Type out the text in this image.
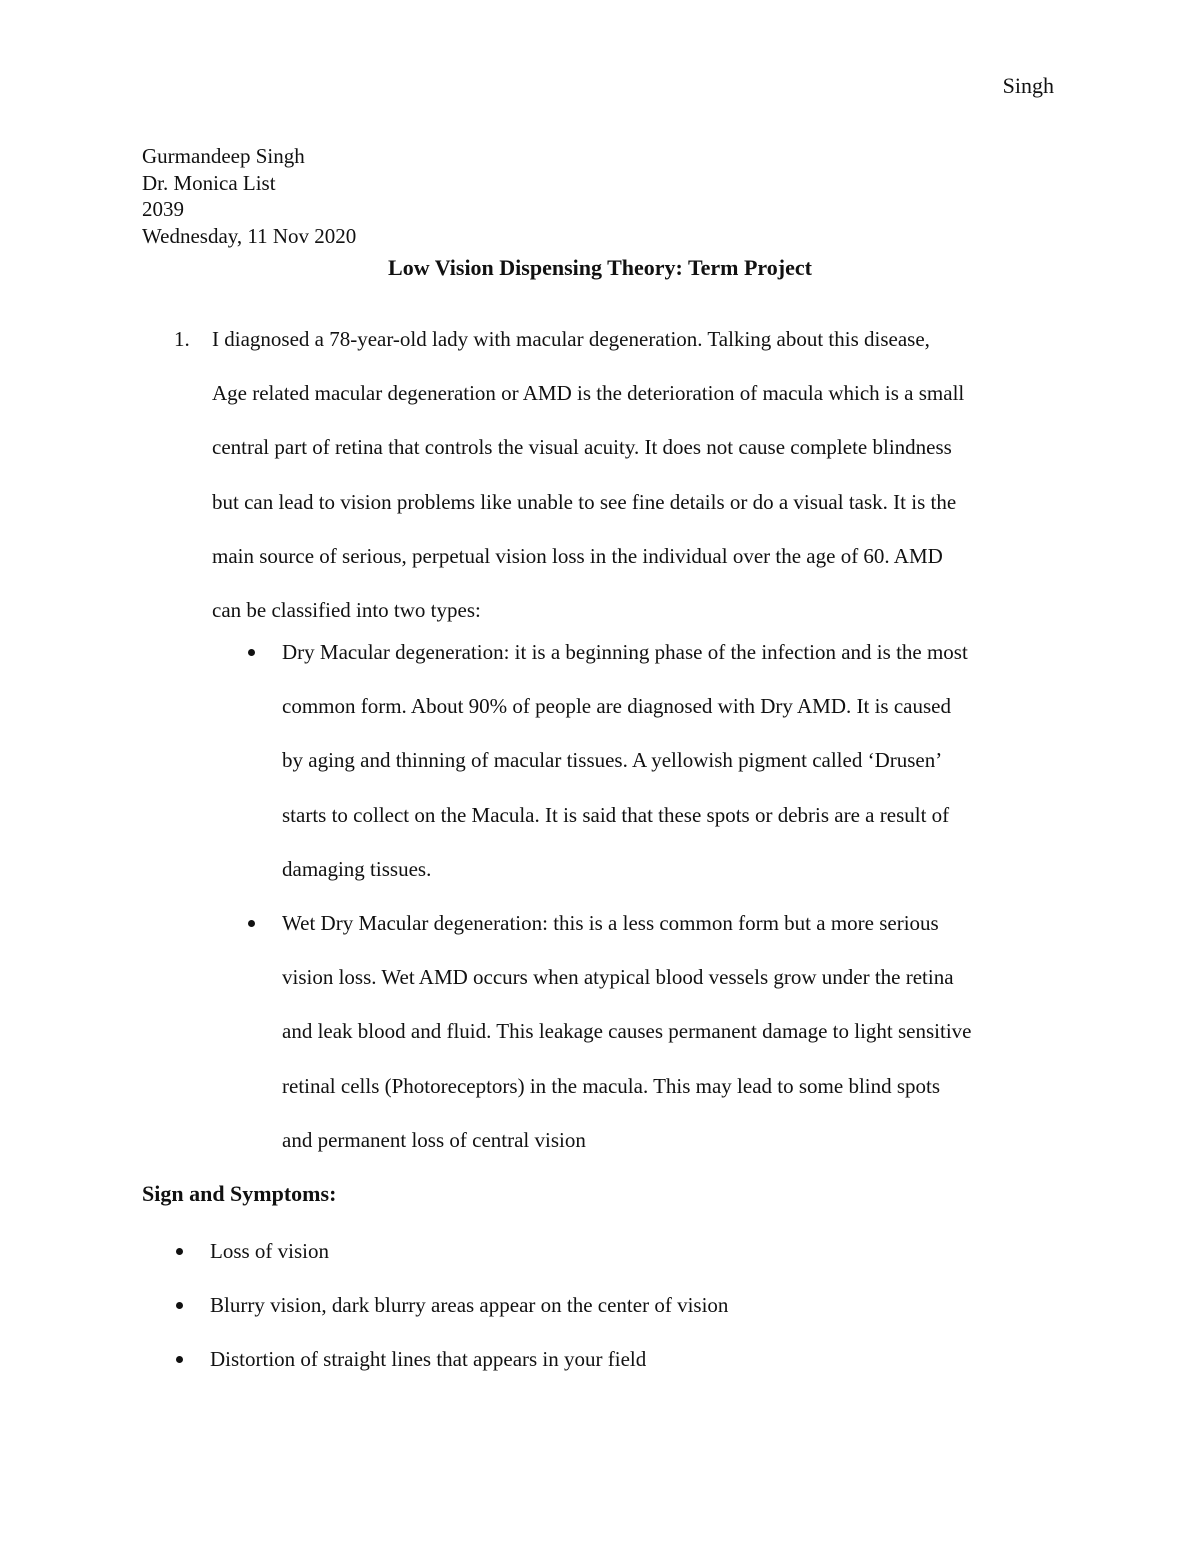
Singh
Gurmandeep Singh
Dr. Monica List
2039
Wednesday, 11 Nov 2020
Low Vision Dispensing Theory: Term Project
1. I diagnosed a 78-year-old lady with macular degeneration. Talking about this disease,
Age related macular degeneration or AMD is the deterioration of macula which is a small
central part of retina that controls the visual acuity. It does not cause complete blindness
but can lead to vision problems like unable to see fine details or do a visual task. It is the
main source of serious, perpetual vision loss in the individual over the age of 60. AMD
can be classified into two types:
Dry Macular degeneration: it is a beginning phase of the infection and is the most
common form. About 90% of people are diagnosed with Dry AMD. It is caused
by aging and thinning of macular tissues. A yellowish pigment called ‘Drusen’
starts to collect on the Macula. It is said that these spots or debris are a result of
damaging tissues.
Wet Dry Macular degeneration: this is a less common form but a more serious
vision loss. Wet AMD occurs when atypical blood vessels grow under the retina
and leak blood and fluid. This leakage causes permanent damage to light sensitive
retinal cells (Photoreceptors) in the macula. This may lead to some blind spots
and permanent loss of central vision
Sign and Symptoms:
Loss of vision
Blurry vision, dark blurry areas appear on the center of vision
Distortion of straight lines that appears in your field
